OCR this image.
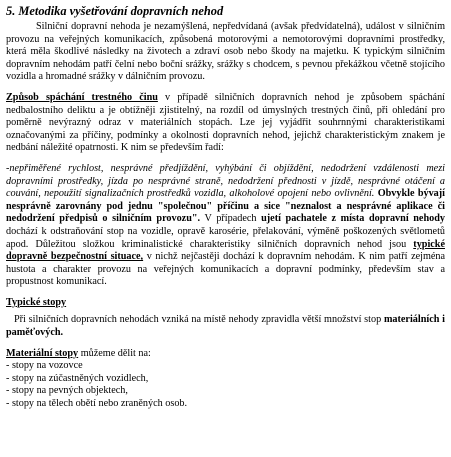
5. Metodika vyšetřování dopravních nehod

Silniční dopravní nehoda je nezamýšlená, nepředvídaná (avšak předvídatelná), událost v silničním provozu na veřejných komunikacích, způsobená motorovými a nemotorovými dopravními prostředky, která měla škodlivé následky na životech a zdraví osob nebo škody na majetku. K typickým silničním dopravním nehodám patří čelní nebo boční srážky, srážky s chodcem, s pevnou překážkou včetně stojícího vozidla a hromadné srážky v dálničním provozu.

Způsob spáchání trestného činu v případě silničních dopravních nehod je způsobem spáchání nedbalostního deliktu a je obtížněji zjistitelný, na rozdíl od úmyslných trestných činů, při ohledání pro poměrně nevýrazný odraz v materiálních stopách. Lze jej vyjádřit souhrnnými charakteristikami označovanými za příčiny, podmínky a okolnosti dopravních nehod, jejichž charakteristickým znakem je nedbání náležité opatrnosti. K nim se především řadí:

-nepřiměřené rychlost, nesprávné předjíždění, vyhýbání či objíždění, nedodržení vzdálenosti mezi dopravními prostředky, jízda po nesprávné straně, nedodržení přednosti v jízdě, nesprávné otáčení a couvání, nepoužití signalizačních prostředků vozidla, alkoholové opojení nebo ovlivnění. Obvykle bývají nesprávně zarovnány pod jednu "společnou" příčinu a sice "neznalost a nesprávné aplikace či nedodržení předpisů o silničním provozu". V případech ujetí pachatele z místa dopravní nehody dochází k odstraňování stop na vozidle, opravě karosérie, přelakování, výměně poškozených světlometů apod. Důležitou složkou kriminalistické charakteristiky silničních dopravních nehod jsou typické dopravně bezpečnostní situace, v nichž nejčastěji dochází k dopravním nehodám. K nim patří zejména hustota a charakter provozu na veřejných komunikacích a dopravní podmínky, především stav a propustnost komunikací.

Typické stopy

Při silničních dopravních nehodách vzniká na místě nehody zpravidla větší množství stop materiálních i paměťových.

Materiální stopy můžeme dělit na:

- stopy na vozovce
- stopy na zúčastněných vozidlech,
- stopy na pevných objektech,
- stopy na tělech obětí nebo zraněných osob.
